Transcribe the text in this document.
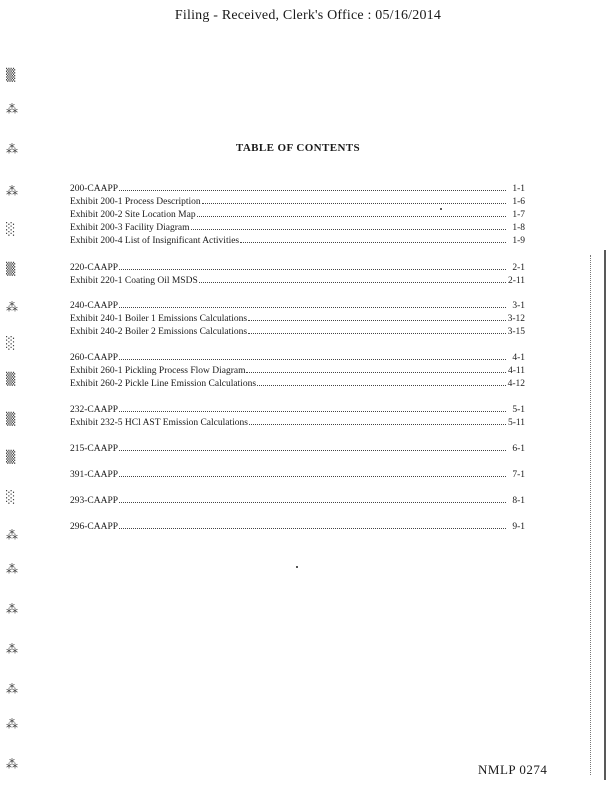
Filing - Received, Clerk's Office : 05/16/2014
▒
⁂
⁂
⁂
░
▒
⁂
░
▒
▒
▒
░
⁂
⁂
⁂
⁂
⁂
⁂
⁂
TABLE OF CONTENTS
200-CAAPP	1-1
Exhibit 200-1 Process Description	1-6
Exhibit 200-2 Site Location Map	1-7
Exhibit 200-3 Facility Diagram	1-8
Exhibit 200-4 List of Insignificant Activities	1-9
220-CAAPP	2-1
Exhibit 220-1 Coating Oil MSDS	2-11
240-CAAPP	3-1
Exhibit 240-1 Boiler 1 Emissions Calculations	3-12
Exhibit 240-2 Boiler 2 Emissions Calculations	3-15
260-CAAPP	4-1
Exhibit 260-1 Pickling Process Flow Diagram	4-11
Exhibit 260-2 Pickle Line Emission Calculations	4-12
232-CAAPP	5-1
Exhibit 232-5 HCl AST Emission Calculations	5-11
215-CAAPP	6-1
391-CAAPP	7-1
293-CAAPP	8-1
296-CAAPP	9-1
NMLP 0274
